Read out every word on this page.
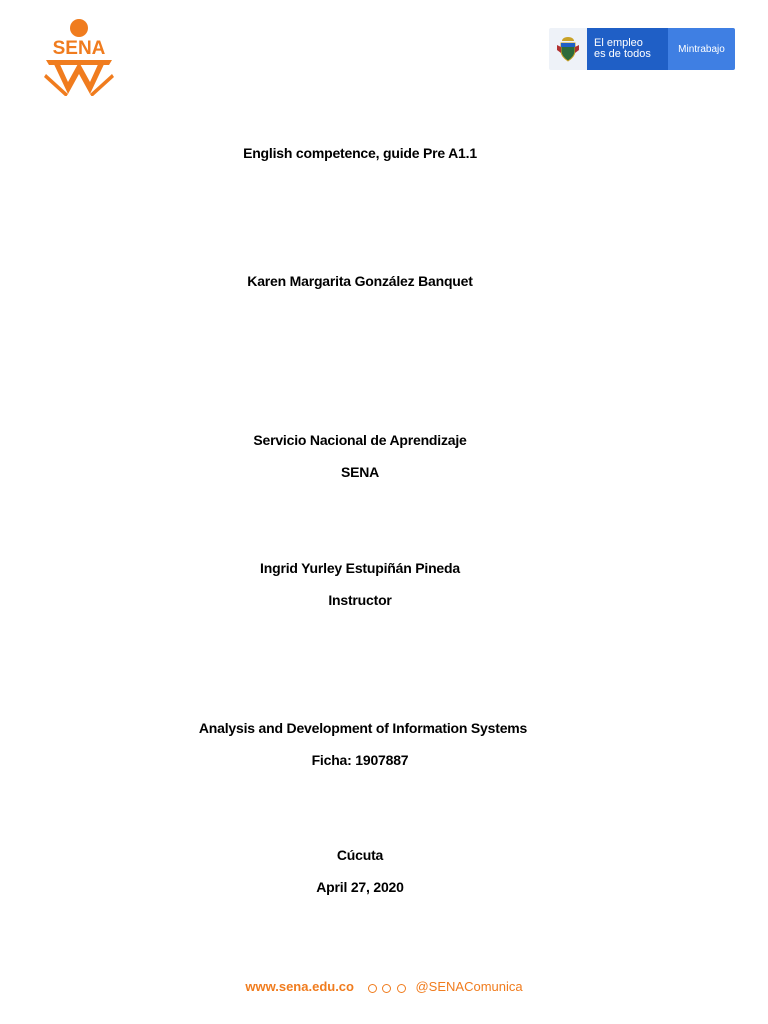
SENA	El empleo
es de todos	Mintrabajo
English competence, guide Pre A1.1
Karen Margarita González Banquet
Servicio Nacional de Aprendizaje
SENA
Ingrid Yurley Estupiñán Pineda
Instructor
Analysis and Development of Information Systems
Ficha: 1907887
Cúcuta
April 27, 2020
www.sena.edu.co	@SENAComunica
